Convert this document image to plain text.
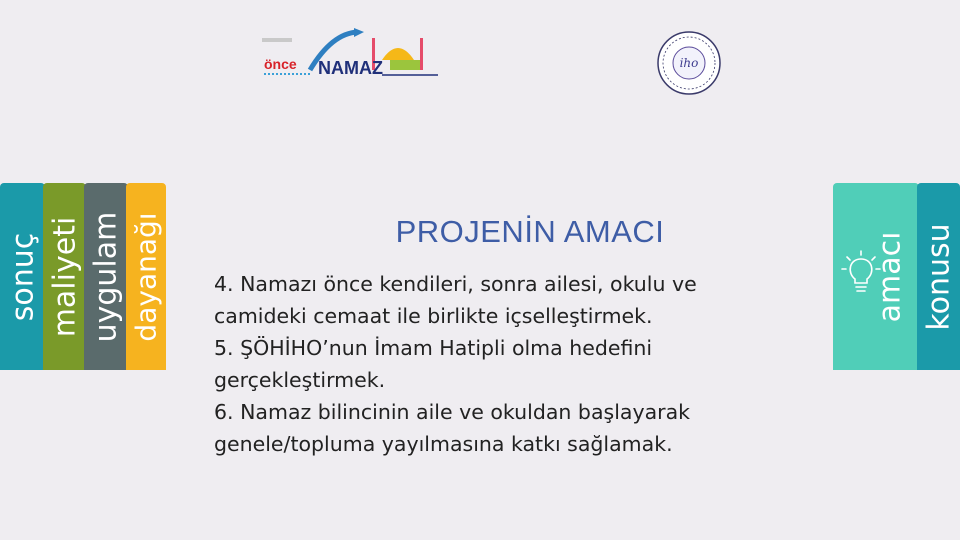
önce NAMAZ	iho
sonuç maliyeti uygulam dayanağı	amacı konusu
PROJENİN AMACI

4. Namazı önce kendileri, sonra ailesi, okulu ve

camideki cemaat ile birlikte içselleştirmek.

5. ŞÖHİHO’nun İmam Hatipli olma hedefini

gerçekleştirmek.

6. Namaz bilincinin aile ve okuldan başlayarak

genele/topluma yayılmasına katkı sağlamak.
